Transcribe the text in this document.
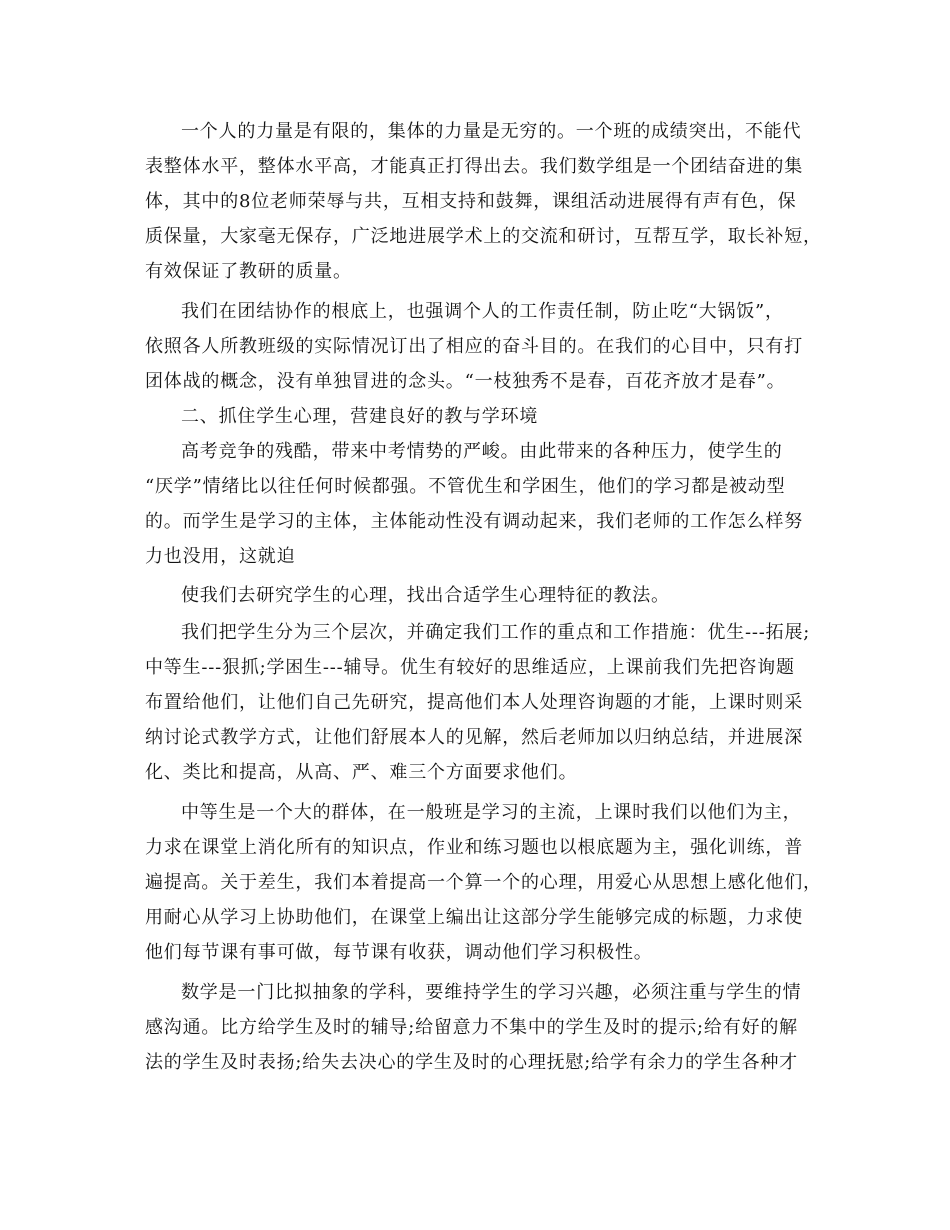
一个人的力量是有限的，集体的力量是无穷的。一个班的成绩突出，不能代
表整体水平，整体水平高，才能真正打得出去。我们数学组是一个团结奋进的集
体，其中的8位老师荣辱与共，互相支持和鼓舞，课组活动进展得有声有色，保
质保量，大家毫无保存，广泛地进展学术上的交流和研讨，互帮互学，取长补短，
有效保证了教研的质量。
我们在团结协作的根底上，也强调个人的工作责任制，防止吃“大锅饭”，
依照各人所教班级的实际情况订出了相应的奋斗目的。在我们的心目中，只有打
团体战的概念，没有单独冒进的念头。“一枝独秀不是春，百花齐放才是春”。
二、抓住学生心理，营建良好的教与学环境
高考竞争的残酷，带来中考情势的严峻。由此带来的各种压力，使学生的
“厌学”情绪比以往任何时候都强。不管优生和学困生，他们的学习都是被动型
的。而学生是学习的主体，主体能动性没有调动起来，我们老师的工作怎么样努
力也没用，这就迫
使我们去研究学生的心理，找出合适学生心理特征的教法。
我们把学生分为三个层次，并确定我们工作的重点和工作措施：优生---拓展;
中等生---狠抓;学困生---辅导。优生有较好的思维适应，上课前我们先把咨询题
布置给他们，让他们自己先研究，提高他们本人处理咨询题的才能，上课时则采
纳讨论式教学方式，让他们舒展本人的见解，然后老师加以归纳总结，并进展深
化、类比和提高，从高、严、难三个方面要求他们。
中等生是一个大的群体，在一般班是学习的主流，上课时我们以他们为主，
力求在课堂上消化所有的知识点，作业和练习题也以根底题为主，强化训练，普
遍提高。关于差生，我们本着提高一个算一个的心理，用爱心从思想上感化他们，
用耐心从学习上协助他们，在课堂上编出让这部分学生能够完成的标题，力求使
他们每节课有事可做，每节课有收获，调动他们学习积极性。
数学是一门比拟抽象的学科，要维持学生的学习兴趣，必须注重与学生的情
感沟通。比方给学生及时的辅导;给留意力不集中的学生及时的提示;给有好的解
法的学生及时表扬;给失去决心的学生及时的心理抚慰;给学有余力的学生各种才
